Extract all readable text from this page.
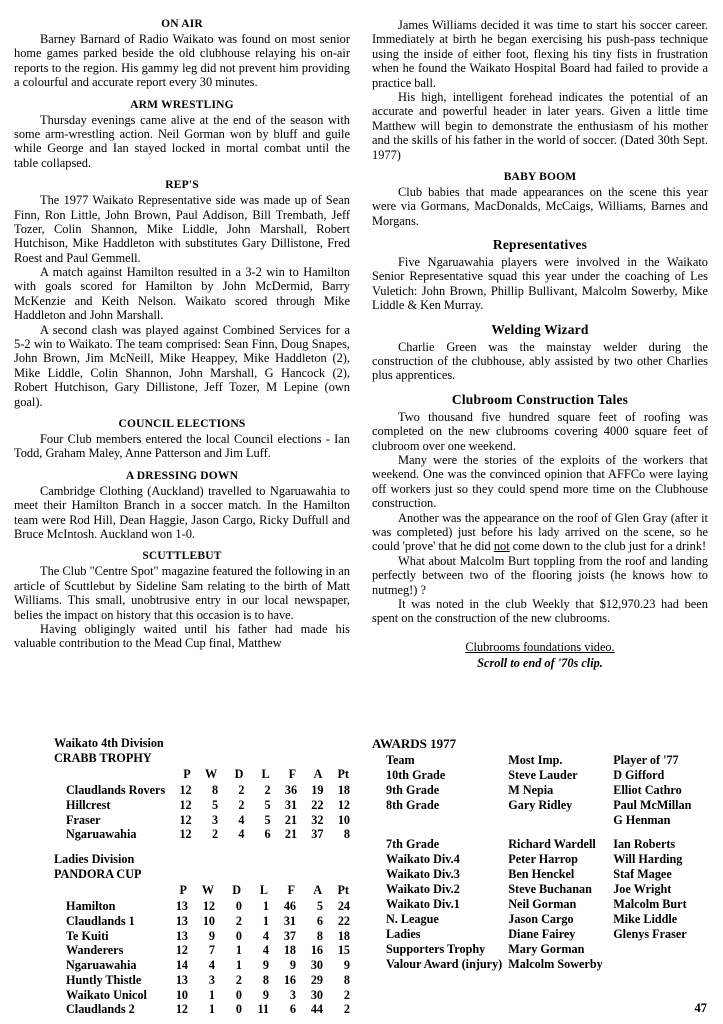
ON AIR

Barney Barnard of Radio Waikato was found on most senior home games parked beside the old clubhouse relaying his on-air reports to the region. His gammy leg did not prevent him providing a colourful and accurate report every 30 minutes.

ARM WRESTLING

Thursday evenings came alive at the end of the season with some arm-wrestling action. Neil Gorman won by bluff and guile while George and Ian stayed locked in mortal combat until the table collapsed.

REP'S

The 1977 Waikato Representative side was made up of Sean Finn, Ron Little, John Brown, Paul Addison, Bill Trembath, Jeff Tozer, Colin Shannon, Mike Liddle, John Marshall, Robert Hutchison, Mike Haddleton with substitutes Gary Dillistone, Fred Roest and Paul Gemmell.

A match against Hamilton resulted in a 3-2 win to Hamilton with goals scored for Hamilton by John McDermid, Barry McKenzie and Keith Nelson. Waikato scored through Mike Haddleton and John Marshall.

A second clash was played against Combined Services for a 5-2 win to Waikato. The team comprised: Sean Finn, Doug Snapes, John Brown, Jim McNeill, Mike Heappey, Mike Haddleton (2), Mike Liddle, Colin Shannon, John Marshall, G Hancock (2), Robert Hutchison, Gary Dillistone, Jeff Tozer, M Lepine (own goal).

COUNCIL ELECTIONS

Four Club members entered the local Council elections - Ian Todd, Graham Maley, Anne Patterson and Jim Luff.

A DRESSING DOWN

Cambridge Clothing (Auckland) travelled to Ngaruawahia to meet their Hamilton Branch in a soccer match. In the Hamilton team were Rod Hill, Dean Haggie, Jason Cargo, Ricky Duffull and Bruce McIntosh. Auckland won 1-0.

SCUTTLEBUT

The Club "Centre Spot" magazine featured the following in an article of Scuttlebut by Sideline Sam relating to the birth of Matt Williams. This small, unobtrusive entry in our local newspaper, belies the impact on history that this occasion is to have.

Having obligingly waited until his father had made his valuable contribution to the Mead Cup final, Matthew

James Williams decided it was time to start his soccer career. Immediately at birth he began exercising his push-pass technique using the inside of either foot, flexing his tiny fists in frustration when he found the Waikato Hospital Board had failed to provide a practice ball.

His high, intelligent forehead indicates the potential of an accurate and powerful header in later years. Given a little time Matthew will begin to demonstrate the enthusiasm of his mother and the skills of his father in the world of soccer. (Dated 30th Sept. 1977)

BABY BOOM

Club babies that made appearances on the scene this year were via Gormans, MacDonalds, McCaigs, Williams, Barnes and Morgans.

Representatives

Five Ngaruawahia players were involved in the Waikato Senior Representative squad this year under the coaching of Les Vuletich: John Brown, Phillip Bullivant, Malcolm Sowerby, Mike Liddle & Ken Murray.

Welding Wizard

Charlie Green was the mainstay welder during the construction of the clubhouse, ably assisted by two other Charlies plus apprentices.

Clubroom Construction Tales

Two thousand five hundred square feet of roofing was completed on the new clubrooms covering 4000 square feet of clubroom over one weekend.

Many were the stories of the exploits of the workers that weekend. One was the convinced opinion that AFFCo were laying off workers just so they could spend more time on the Clubhouse construction.

Another was the appearance on the roof of Glen Gray (after it was completed) just before his lady arrived on the scene, so he could 'prove' that he did not come down to the club just for a drink!

What about Malcolm Burt toppling from the roof and landing perfectly between two of the flooring joists (he knows how to nutmeg!) ?

It was noted in the club Weekly that $12,970.23 had been spent on the construction of the new clubrooms.

Clubrooms foundations video.
Scroll to end of '70s clip.
Waikato 4th Division
CRABB TROPHY
	P	W	D	L	F	A	Pt
Claudlands Rovers	12	8	2	2	36	19	18
Hillcrest	12	5	2	5	31	22	12
Fraser	12	3	4	5	21	32	10
Ngaruawahia	12	2	4	6	21	37	8
Ladies Division
PANDORA CUP
	P	W	D	L	F	A	Pt
Hamilton	13	12	0	1	46	5	24
Claudlands 1	13	10	2	1	31	6	22
Te Kuiti	13	9	0	4	37	8	18
Wanderers	12	7	1	4	18	16	15
Ngaruawahia	14	4	1	9	9	30	9
Huntly Thistle	13	3	2	8	16	29	8
Waikato Unicol	10	1	0	9	3	30	2
Claudlands 2	12	1	0	11	6	44	2
AWARDS 1977
Team	Most Imp.	Player of '77
10th Grade	Steve Lauder	D Gifford
9th Grade	M Nepia	Elliot Cathro
8th Grade	Gary Ridley	Paul McMillan
		G Henman

7th Grade	Richard Wardell	Ian Roberts
Waikato Div.4	Peter Harrop	Will Harding
Waikato Div.3	Ben Henckel	Staf Magee
Waikato Div.2	Steve Buchanan	Joe Wright
Waikato Div.1	Neil Gorman	Malcolm Burt
N. League	Jason Cargo	Mike Liddle
Ladies	Diane Fairey	Glenys Fraser
Supporters Trophy	Mary Gorman	
Valour Award (injury)	Malcolm Sowerby	
47
